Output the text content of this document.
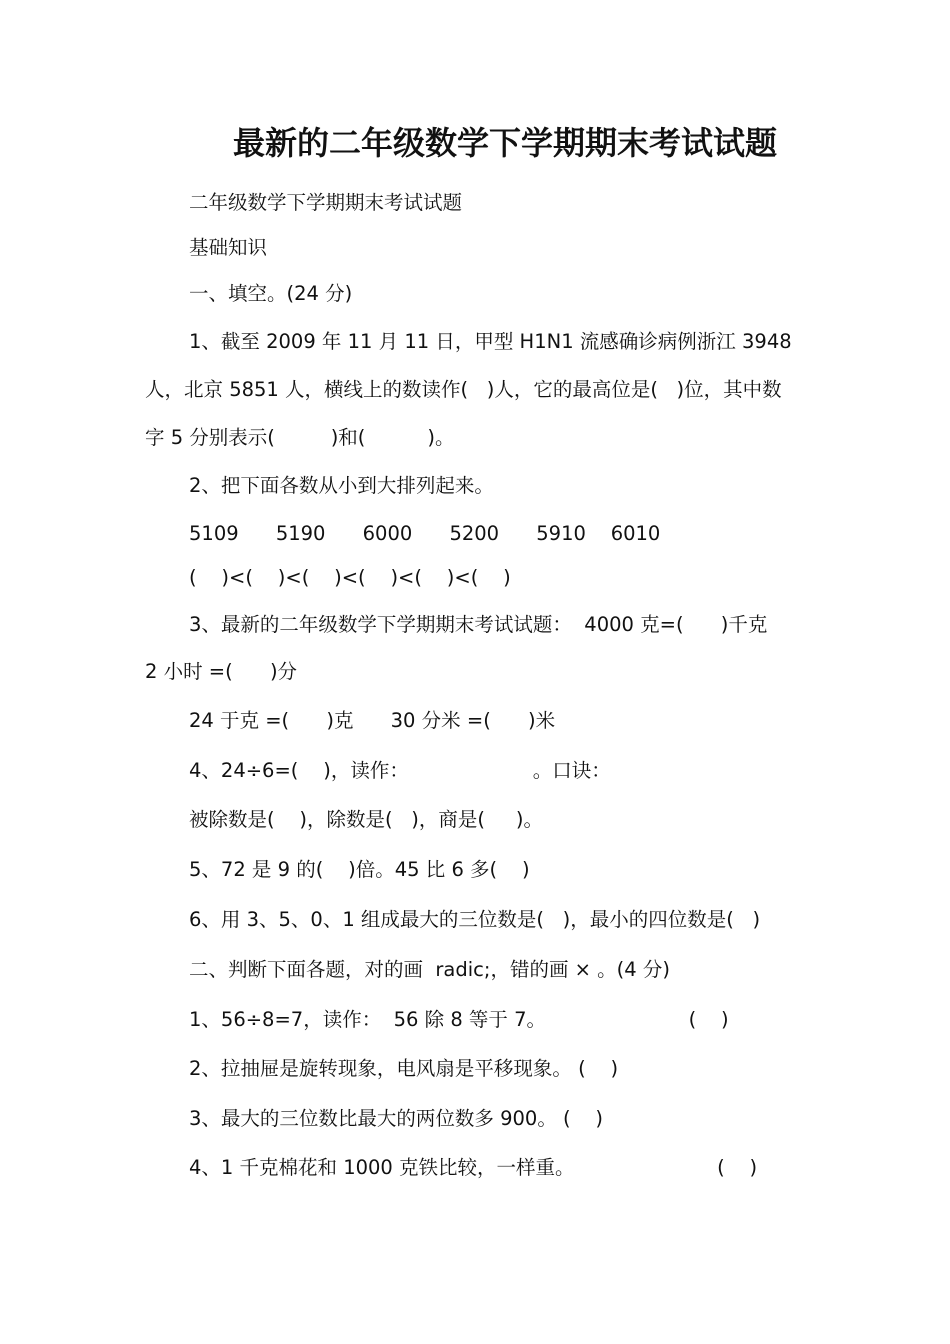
最新的二年级数学下学期期末考试试题
二年级数学下学期期末考试试题
基础知识
一、填空。(24 分)
1、截至 2009 年 11 月 11 日，甲型 H1N1 流感确诊病例浙江 3948
人，北京 5851 人，横线上的数读作(   )人，它的最高位是(   )位，其中数
字 5 分别表示(         )和(          )。
2、把下面各数从小到大排列起来。
5109      5190      6000      5200      5910    6010
(    )<(    )<(    )<(    )<(    )<(    )
3、最新的二年级数学下学期期末考试试题：  4000 克=(      )千克
2 小时 =(      )分
24 于克 =(      )克      30 分米 =(      )米
4、24÷6=(    )，读作：                    。口诀：
被除数是(    )，除数是(   )，商是(     )。
5、72 是 9 的(    )倍。45 比 6 多(    )
6、用 3、5、0、1 组成最大的三位数是(   )，最小的四位数是(   )
二、判断下面各题，对的画  radic;，错的画 × 。(4 分)
1、56÷8=7，读作：  56 除 8 等于 7。                       (    )
2、拉抽屉是旋转现象，电风扇是平移现象。 (    )
3、最大的三位数比最大的两位数多 900。 (    )
4、1 千克棉花和 1000 克铁比较，一样重。                       (    )
